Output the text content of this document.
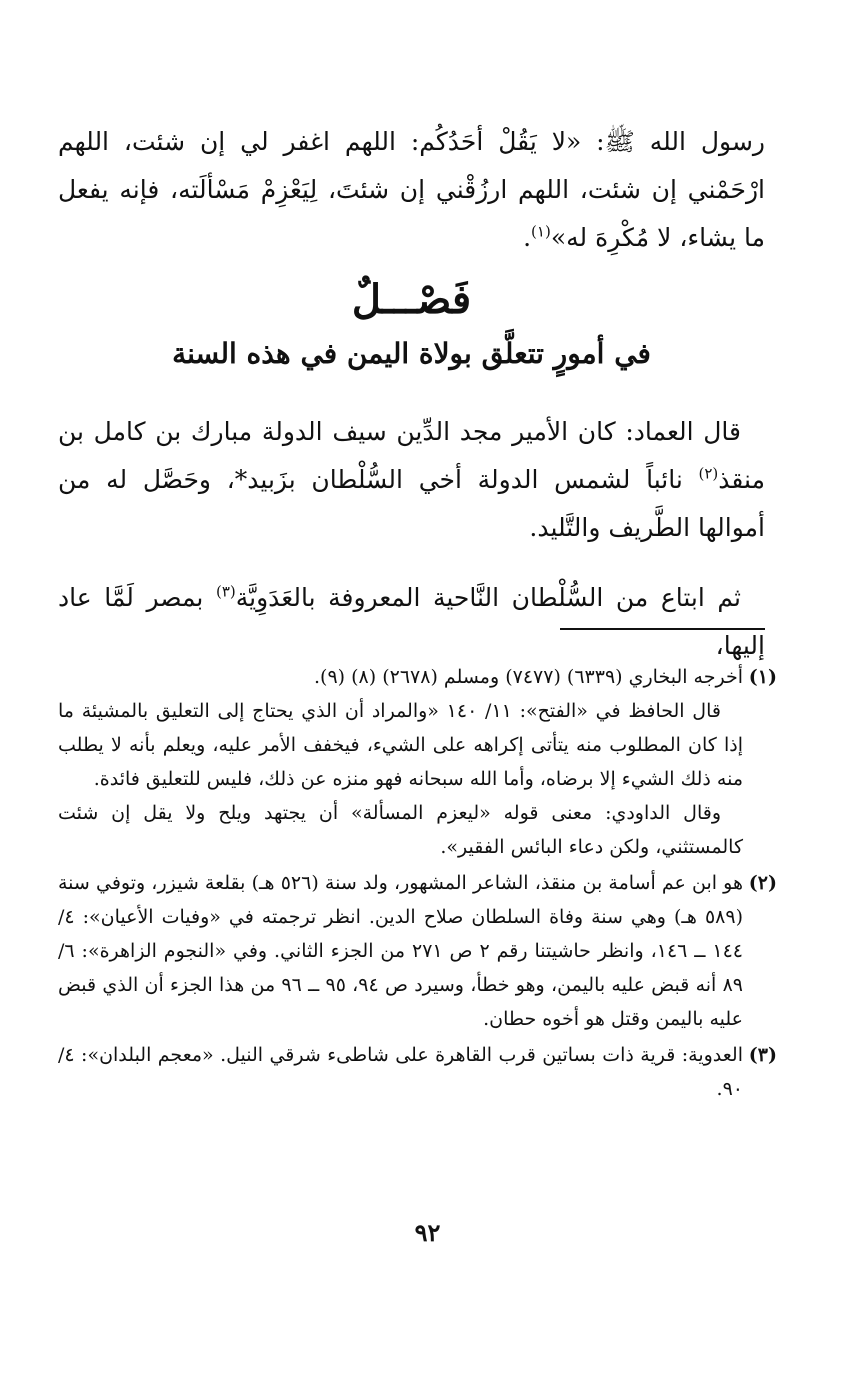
رسول الله ﷺ: «لا يَقُلْ أحَدُكُم: اللهم اغفر لي إن شئت، اللهم ارْحَمْني إن شئت، اللهم ارزُقْني إن شئتَ، لِيَعْزِمْ مَسْألَته، فإنه يفعل ما يشاء، لا مُكْرِهَ له»$^{(١)}$.

فَصْـــلٌ
في أمورٍ تتعلَّق بولاة اليمن في هذه السنة

قال العماد: كان الأمير مجد الدِّين سيف الدولة مبارك بن كامل بن منقذ$^{(٢)}$ نائباً لشمس الدولة أخي السُّلْطان بزَبيد*، وحَصَّل له من أموالها الطَّريف والتَّليد.

ثم ابتاع من السُّلْطان النَّاحية المعروفة بالعَدَوِيَّة$^{(٣)}$ بمصر لَمَّا عاد إليها،

(١)

أخرجه البخاري (٦٣٣٩) (٧٤٧٧) ومسلم (٢٦٧٨) (٨) (٩).

قال الحافظ في «الفتح»: ١١/ ١٤٠ «والمراد أن الذي يحتاج إلى التعليق بالمشيئة ما إذا كان المطلوب منه يتأتى إكراهه على الشيء، فيخفف الأمر عليه، ويعلم بأنه لا يطلب منه ذلك الشيء إلا برضاه، وأما الله سبحانه فهو منزه عن ذلك، فليس للتعليق فائدة.

وقال الداودي: معنى قوله «ليعزم المسألة» أن يجتهد ويلح ولا يقل إن شئت كالمستثني، ولكن دعاء البائس الفقير».

(٢)

هو ابن عم أسامة بن منقذ، الشاعر المشهور، ولد سنة (٥٢٦ هـ) بقلعة شيزر، وتوفي سنة (٥٨٩ هـ) وهي سنة وفاة السلطان صلاح الدين. انظر ترجمته في «وفيات الأعيان»: ٤/ ١٤٤ ــ ١٤٦، وانظر حاشيتنا رقم ٢ ص ٢٧١ من الجزء الثاني. وفي «النجوم الزاهرة»: ٦/ ٨٩ أنه قبض عليه باليمن، وهو خطأ، وسيرد ص ٩٤، ٩٥ ــ ٩٦ من هذا الجزء أن الذي قبض عليه باليمن وقتل هو أخوه حطان.

(٣)

العدوية: قرية ذات بساتين قرب القاهرة على شاطىء شرقي النيل. «معجم البلدان»: ٤/ ٩٠.

٩٢
